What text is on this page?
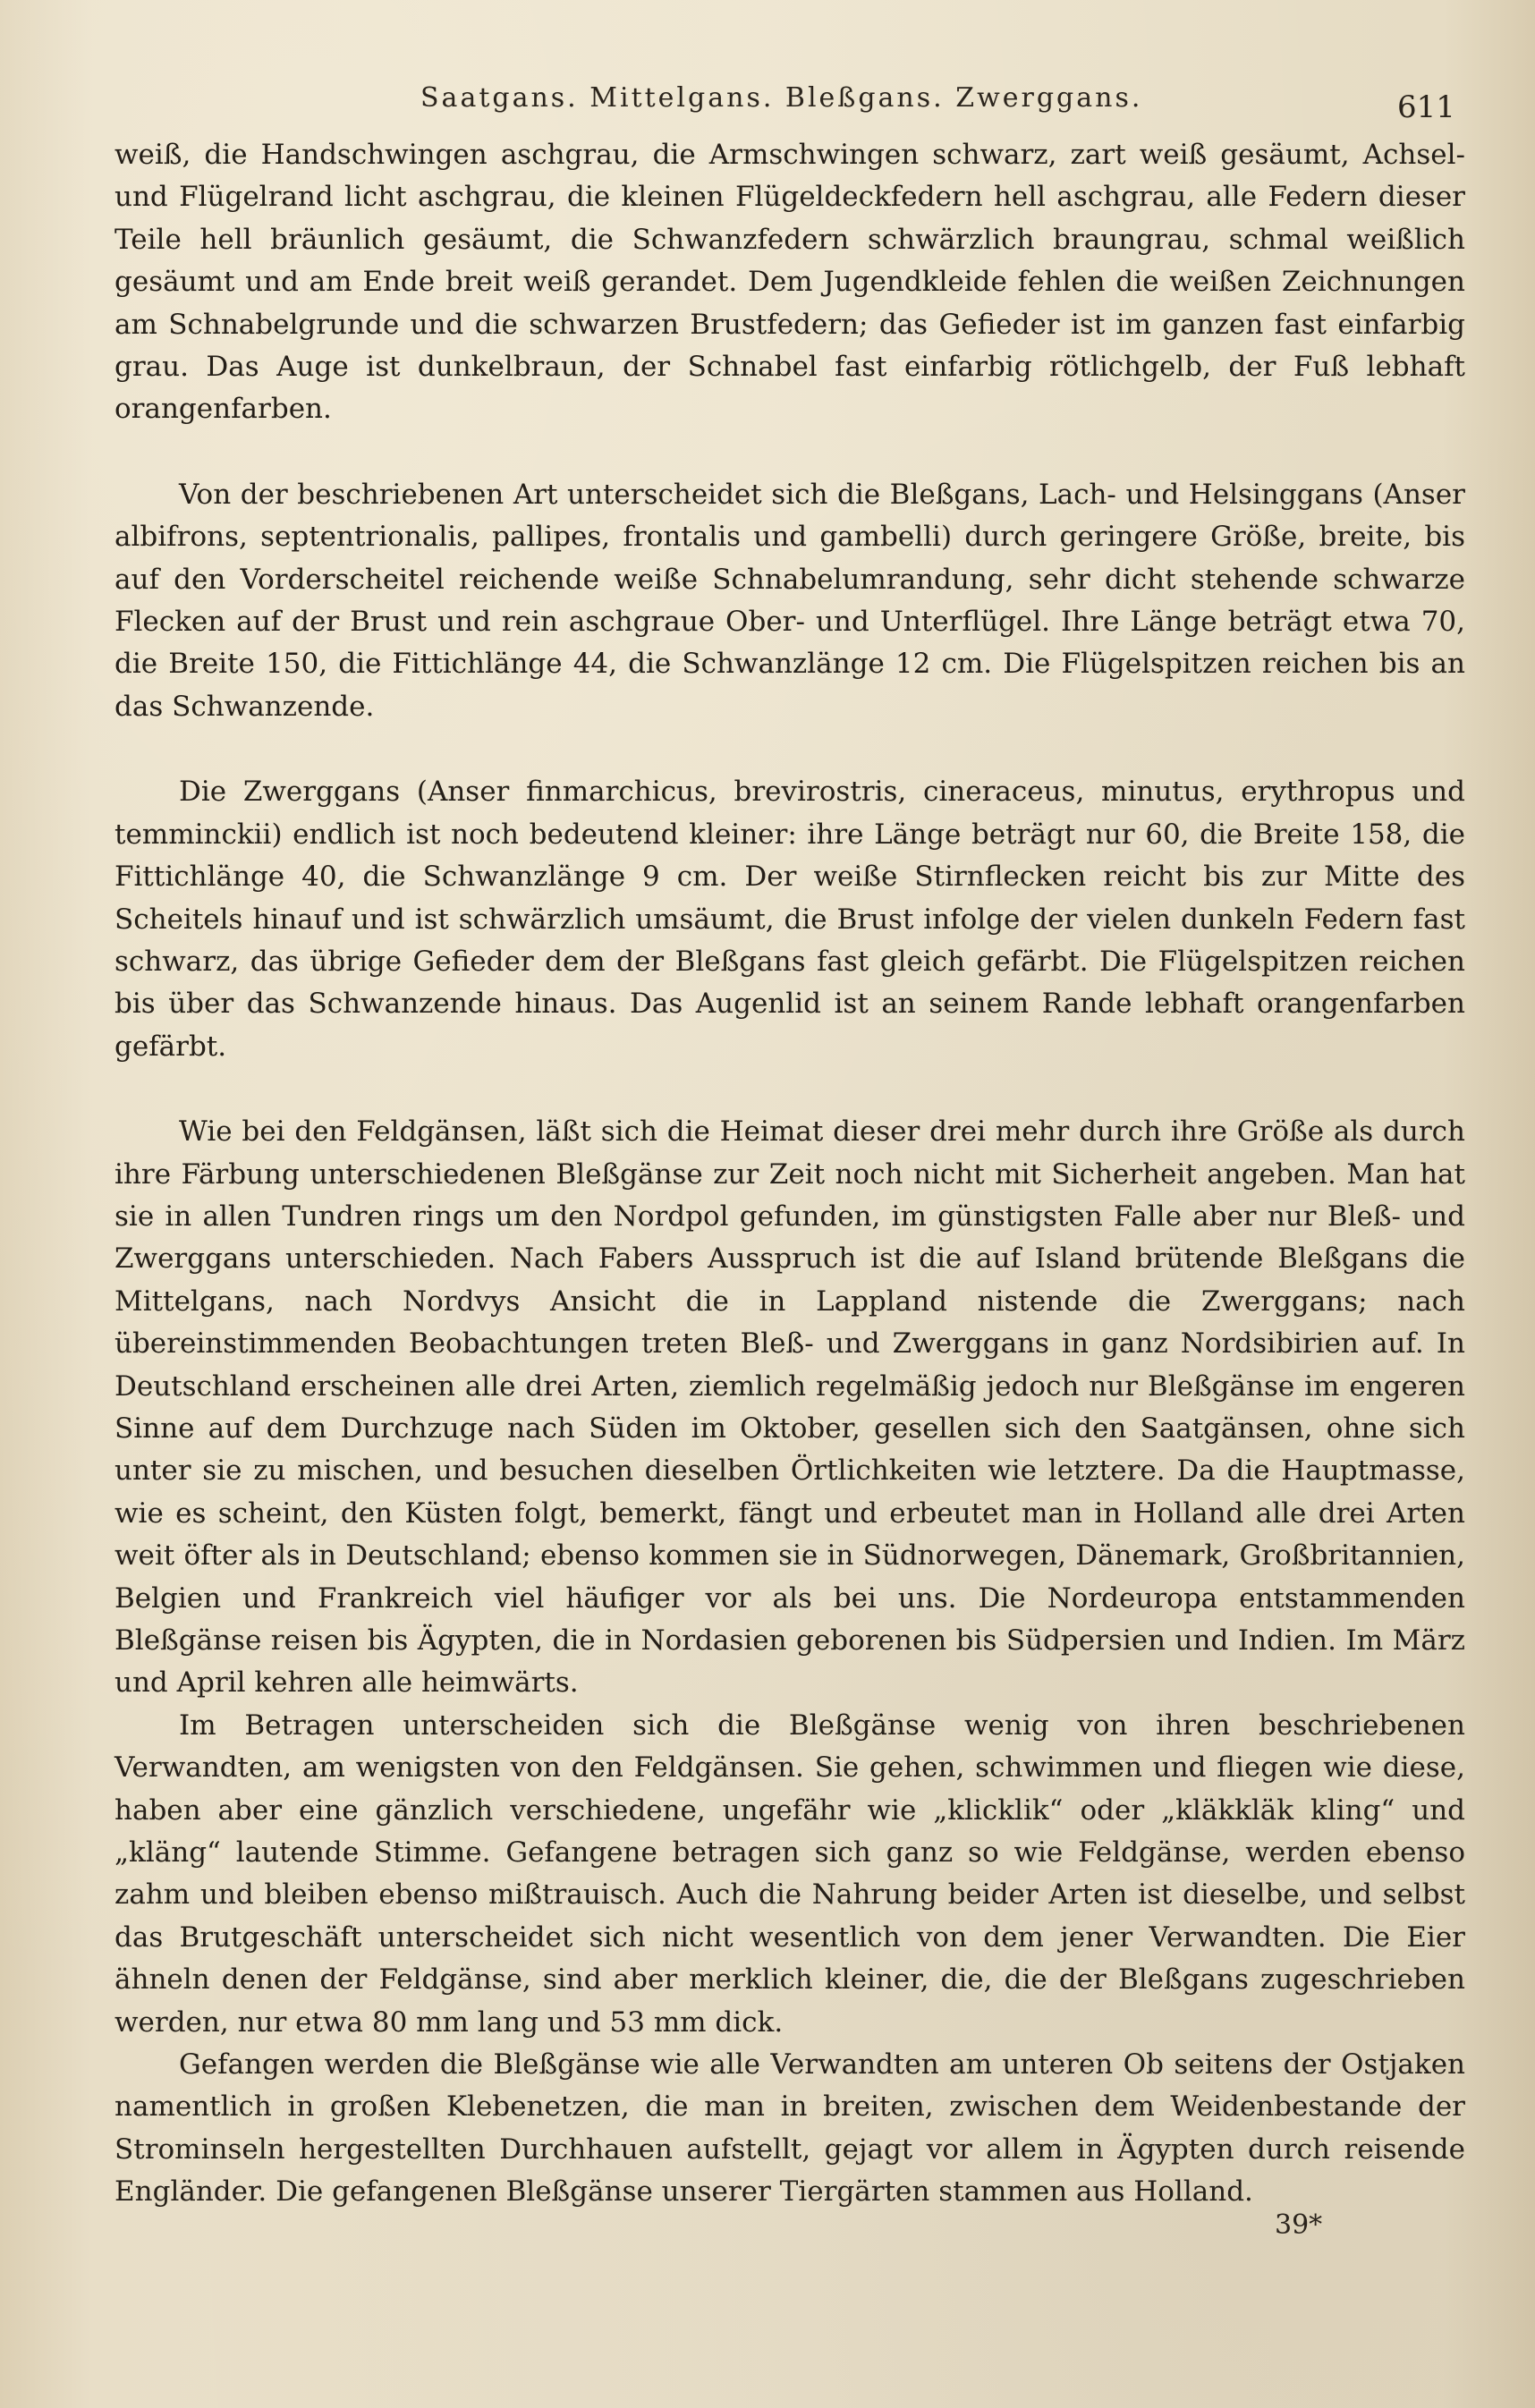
Saatgans. Mittelgans. Bleßgans. Zwerggans.	611

weiß, die Handschwingen aschgrau, die Armschwingen schwarz, zart weiß gesäumt, Achsel- und Flügelrand licht aschgrau, die kleinen Flügeldeckfedern hell aschgrau, alle Federn dieser Teile hell bräunlich gesäumt, die Schwanzfedern schwärzlich braungrau, schmal weißlich gesäumt und am Ende breit weiß gerandet. Dem Jugendkleide fehlen die weißen Zeichnungen am Schnabelgrunde und die schwarzen Brustfedern; das Gefieder ist im ganzen fast einfarbig grau. Das Auge ist dunkelbraun, der Schnabel fast einfarbig rötlichgelb, der Fuß lebhaft orangenfarben.

Von der beschriebenen Art unterscheidet sich die Bleßgans, Lach- und Helsinggans (Anser albifrons, septentrionalis, pallipes, frontalis und gambelli) durch geringere Größe, breite, bis auf den Vorderscheitel reichende weiße Schnabelumrandung, sehr dicht stehende schwarze Flecken auf der Brust und rein aschgraue Ober- und Unterflügel. Ihre Länge beträgt etwa 70, die Breite 150, die Fittichlänge 44, die Schwanzlänge 12 cm. Die Flügelspitzen reichen bis an das Schwanzende.

Die Zwerggans (Anser finmarchicus, brevirostris, cineraceus, minutus, erythropus und temminckii) endlich ist noch bedeutend kleiner: ihre Länge beträgt nur 60, die Breite 158, die Fittichlänge 40, die Schwanzlänge 9 cm. Der weiße Stirnflecken reicht bis zur Mitte des Scheitels hinauf und ist schwärzlich umsäumt, die Brust infolge der vielen dunkeln Federn fast schwarz, das übrige Gefieder dem der Bleßgans fast gleich gefärbt. Die Flügelspitzen reichen bis über das Schwanzende hinaus. Das Augenlid ist an seinem Rande lebhaft orangenfarben gefärbt.

Wie bei den Feldgänsen, läßt sich die Heimat dieser drei mehr durch ihre Größe als durch ihre Färbung unterschiedenen Bleßgänse zur Zeit noch nicht mit Sicherheit angeben. Man hat sie in allen Tundren rings um den Nordpol gefunden, im günstigsten Falle aber nur Bleß- und Zwerggans unterschieden. Nach Fabers Ausspruch ist die auf Island brütende Bleßgans die Mittelgans, nach Nordvys Ansicht die in Lappland nistende die Zwerggans; nach übereinstimmenden Beobachtungen treten Bleß- und Zwerggans in ganz Nordsibirien auf. In Deutschland erscheinen alle drei Arten, ziemlich regelmäßig jedoch nur Bleßgänse im engeren Sinne auf dem Durchzuge nach Süden im Oktober, gesellen sich den Saatgänsen, ohne sich unter sie zu mischen, und besuchen dieselben Örtlichkeiten wie letztere. Da die Hauptmasse, wie es scheint, den Küsten folgt, bemerkt, fängt und erbeutet man in Holland alle drei Arten weit öfter als in Deutschland; ebenso kommen sie in Südnorwegen, Dänemark, Großbritannien, Belgien und Frankreich viel häufiger vor als bei uns. Die Nordeuropa entstammenden Bleßgänse reisen bis Ägypten, die in Nordasien geborenen bis Südpersien und Indien. Im März und April kehren alle heimwärts.

Im Betragen unterscheiden sich die Bleßgänse wenig von ihren beschriebenen Verwandten, am wenigsten von den Feldgänsen. Sie gehen, schwimmen und fliegen wie diese, haben aber eine gänzlich verschiedene, ungefähr wie „klicklik“ oder „kläkkläk kling“ und „kläng“ lautende Stimme. Gefangene betragen sich ganz so wie Feldgänse, werden ebenso zahm und bleiben ebenso mißtrauisch. Auch die Nahrung beider Arten ist dieselbe, und selbst das Brutgeschäft unterscheidet sich nicht wesentlich von dem jener Verwandten. Die Eier ähneln denen der Feldgänse, sind aber merklich kleiner, die, die der Bleßgans zugeschrieben werden, nur etwa 80 mm lang und 53 mm dick.

Gefangen werden die Bleßgänse wie alle Verwandten am unteren Ob seitens der Ostjaken namentlich in großen Klebenetzen, die man in breiten, zwischen dem Weidenbestande der Strominseln hergestellten Durchhauen aufstellt, gejagt vor allem in Ägypten durch reisende Engländer. Die gefangenen Bleßgänse unserer Tiergärten stammen aus Holland.

39*
